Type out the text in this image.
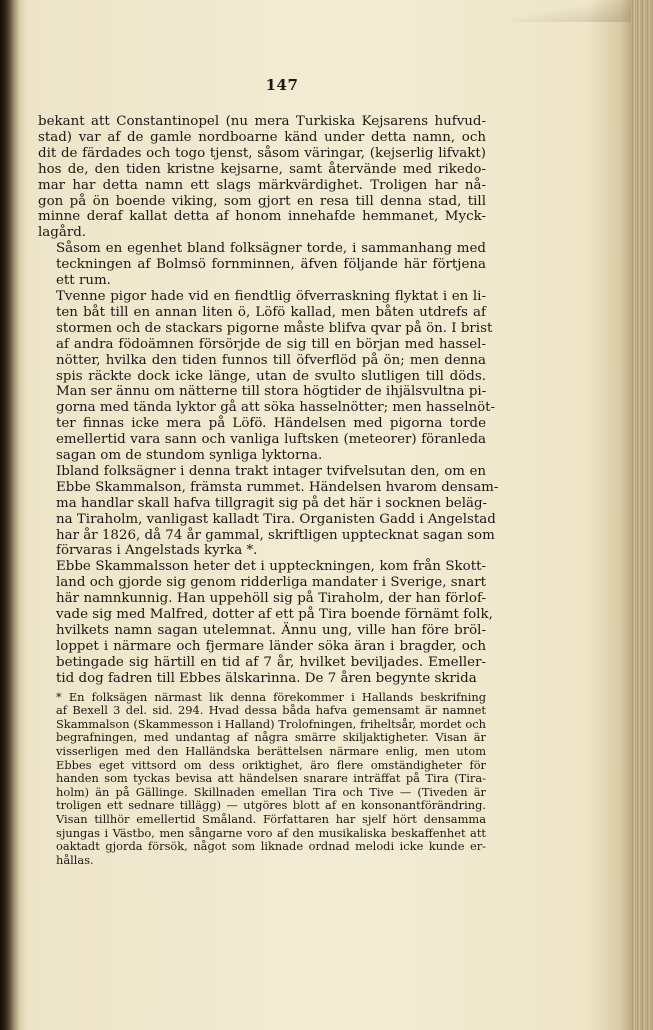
147

bekant att Constantinopel (nu mera Turkiska Kejsarens hufvud-
stad) var af de gamle nordboarne känd under detta namn, och
dit de färdades och togo tjenst, såsom väringar, (kejserlig lifvakt)
hos de, den tiden kristne kejsarne, samt återvände med rikedo-
mar har detta namn ett slags märkvärdighet. Troligen har nå-
gon på ön boende viking, som gjort en resa till denna stad, till
minne deraf kallat detta af honom innehafde hemmanet, Myck-
lagård.

Såsom en egenhet bland folksägner torde, i sammanhang med
teckningen af Bolmsö fornminnen, äfven följande här förtjena
ett rum.

Tvenne pigor hade vid en fiendtlig öfverraskning flyktat i en li-
ten båt till en annan liten ö, Löfö kallad, men båten utdrefs af
stormen och de stackars pigorne måste blifva qvar på ön. I brist
af andra födoämnen försörjde de sig till en början med hassel-
nötter, hvilka den tiden funnos till öfverflöd på ön; men denna
spis räckte dock icke länge, utan de svulto slutligen till döds.
Man ser ännu om nätterne till stora högtider de ihjälsvultna pi-
gorna med tända lyktor gå att söka hasselnötter; men hasselnöt-
ter finnas icke mera på Löfö. Händelsen med pigorna torde
emellertid vara sann och vanliga luftsken (meteorer) föranleda
sagan om de stundom synliga lyktorna.

Ibland folksägner i denna trakt intager tvifvelsutan den, om en
Ebbe Skammalson, främsta rummet. Händelsen hvarom densam-
ma handlar skall hafva tillgragit sig på det här i socknen beläg-
na Tiraholm, vanligast kalladt Tira. Organisten Gadd i Angelstad
har år 1826, då 74 år gammal, skriftligen upptecknat sagan som
förvaras i Angelstads kyrka *.

Ebbe Skammalsson heter det i uppteckningen, kom från Skott-
land och gjorde sig genom ridderliga mandater i Sverige, snart
här namnkunnig. Han uppehöll sig på Tiraholm, der han förlof-
vade sig med Malfred, dotter af ett på Tira boende förnämt folk,
hvilkets namn sagan utelemnat. Ännu ung, ville han före bröl-
loppet i närmare och fjermare länder söka äran i bragder, och
betingade sig härtill en tid af 7 år, hvilket beviljades. Emeller-
tid dog fadren till Ebbes älskarinna. De 7 åren begynte skrida

* En folksägen närmast lik denna förekommer i Hallands beskrifning
af Bexell 3 del. sid. 294. Hvad dessa båda hafva gemensamt är namnet
Skammalson (Skammesson i Halland) Trolofningen, friheltsår, mordet och
begrafningen, med undantag af några smärre skiljaktigheter. Visan är
visserligen med den Halländska berättelsen närmare enlig, men utom
Ebbes eget vittsord om dess oriktighet, äro flere omständigheter för
handen som tyckas bevisa att händelsen snarare inträffat på Tira (Tira-
holm) än på Gällinge. Skillnaden emellan Tira och Tive — (Tiveden är
troligen ett sednare tillägg) — utgöres blott af en konsonantförändring.
Visan tillhör emellertid Småland. Författaren har sjelf hört densamma
sjungas i Västbo, men sångarne voro af den musikaliska beskaffenhet att
oaktadt gjorda försök, något som liknade ordnad melodi icke kunde er-
hållas.
